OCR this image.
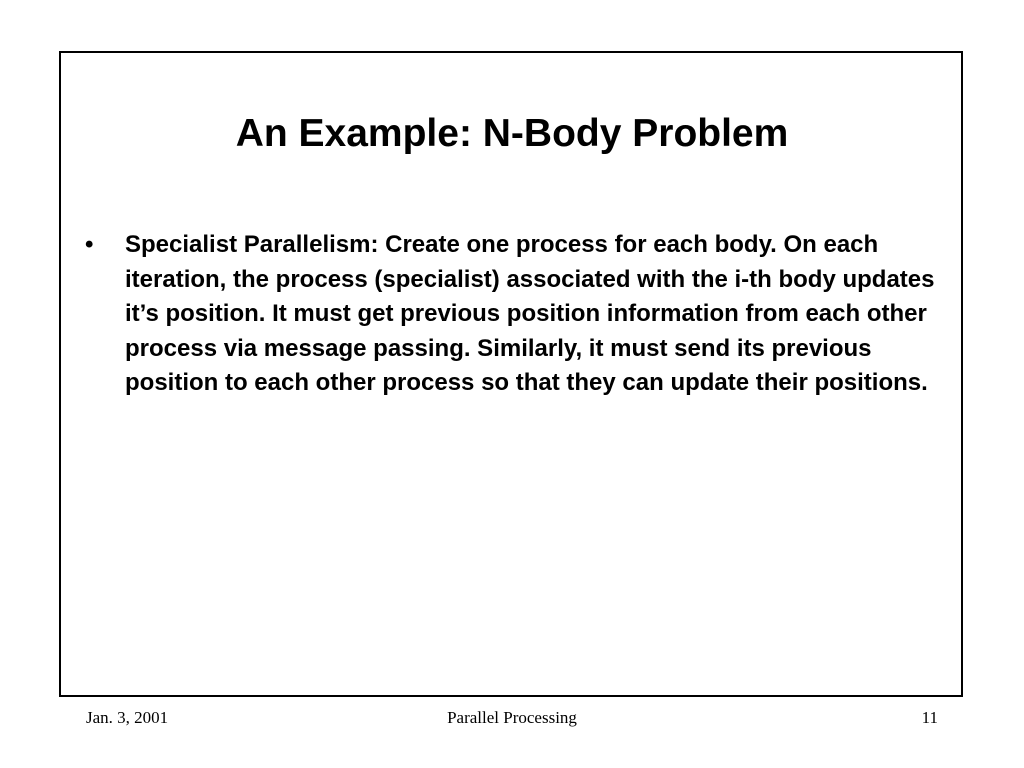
An Example: N-Body Problem
•	Specialist Parallelism: Create one process for each body. On each iteration, the process (specialist) associated with the i-th body updates it’s position. It must get previous position information from each other process via message passing. Similarly, it must send its previous position to each other process so that they can update their positions.
Jan. 3, 2001	Parallel Processing	11
